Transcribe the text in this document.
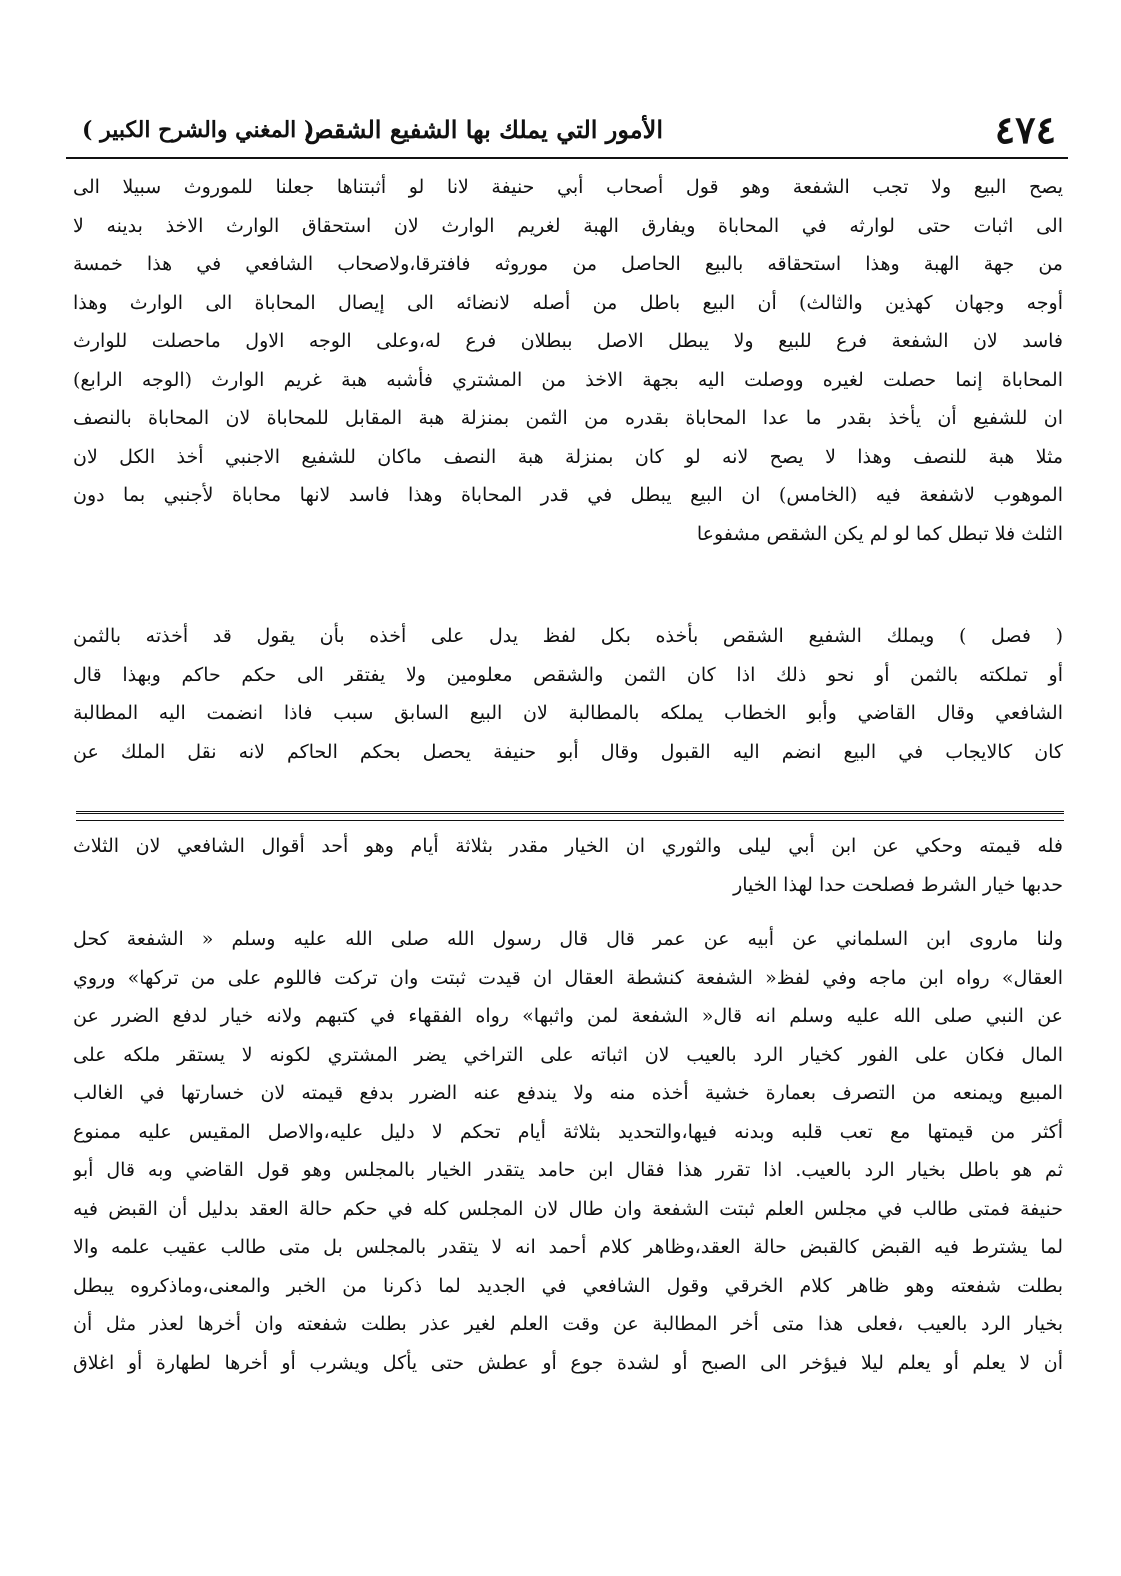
٤٧٤
الأمور التي يملك بها الشفيع الشقص
( المغني والشرح الكبير )
يصح البيع ولا تجب الشفعة وهو قول أصحاب أبي حنيفة لانا لو أثبتناها جعلنا للموروث سبيلا الى
الى اثبات حتى لوارثه في المحاباة ويفارق الهبة لغريم الوارث لان استحقاق الوارث الاخذ بدينه لا
من جهة الهبة وهذا استحقاقه بالبيع الحاصل من موروثه فافترقا،ولاصحاب الشافعي في هذا خمسة
أوجه وجهان كهذين والثالث) أن البيع باطل من أصله لانضائه الى إيصال المحاباة الى الوارث وهذا
فاسد لان الشفعة فرع للبيع ولا يبطل الاصل ببطلان فرع له،وعلى الوجه الاول ماحصلت للوارث
المحاباة إنما حصلت لغيره ووصلت اليه بجهة الاخذ من المشتري فأشبه هبة غريم الوارث (الوجه الرابع)
ان للشفيع أن يأخذ بقدر ما عدا المحاباة بقدره من الثمن بمنزلة هبة المقابل للمحاباة لان المحاباة بالنصف
مثلا هبة للنصف وهذا لا يصح لانه لو كان بمنزلة هبة النصف ماكان للشفيع الاجنبي أخذ الكل لان
الموهوب لاشفعة فيه (الخامس) ان البيع يبطل في قدر المحاباة وهذا فاسد لانها محاباة لأجنبي بما دون
الثلث فلا تبطل كما لو لم يكن الشقص مشفوعا
( فصل ) ويملك الشفيع الشقص بأخذه بكل لفظ يدل على أخذه بأن يقول قد أخذته بالثمن
أو تملكته بالثمن أو نحو ذلك اذا كان الثمن والشقص معلومين ولا يفتقر الى حكم حاكم وبهذا قال
الشافعي وقال القاضي وأبو الخطاب يملكه بالمطالبة لان البيع السابق سبب فاذا انضمت اليه المطالبة
كان كالايجاب في البيع انضم اليه القبول وقال أبو حنيفة يحصل بحكم الحاكم لانه نقل الملك عن
فله قيمته وحكي عن ابن أبي ليلى والثوري ان الخيار مقدر بثلاثة أيام وهو أحد أقوال الشافعي لان الثلاث
حدبها خيار الشرط فصلحت حدا لهذا الخيار
ولنا ماروى ابن السلماني عن أبيه عن عمر قال قال رسول الله صلى الله عليه وسلم « الشفعة كحل
العقال» رواه ابن ماجه وفي لفظ« الشفعة كنشطة العقال ان قيدت ثبتت وان تركت فاللوم على من تركها» وروي
عن النبي صلى الله عليه وسلم انه قال« الشفعة لمن واثبها» رواه الفقهاء في كتبهم ولانه خيار لدفع الضرر عن
المال فكان على الفور كخيار الرد بالعيب لان اثباته على التراخي يضر المشتري لكونه لا يستقر ملكه على
المبيع ويمنعه من التصرف بعمارة خشية أخذه منه ولا يندفع عنه الضرر بدفع قيمته لان خسارتها في الغالب
أكثر من قيمتها مع تعب قلبه وبدنه فيها،والتحديد بثلاثة أيام تحكم لا دليل عليه،والاصل المقيس عليه ممنوع
ثم هو باطل بخيار الرد بالعيب. اذا تقرر هذا فقال ابن حامد يتقدر الخيار بالمجلس وهو قول القاضي وبه قال أبو
حنيفة فمتى طالب في مجلس العلم ثبتت الشفعة وان طال لان المجلس كله في حكم حالة العقد بدليل أن القبض فيه
لما يشترط فيه القبض كالقبض حالة العقد،وظاهر كلام أحمد انه لا يتقدر بالمجلس بل متى طالب عقيب علمه والا
بطلت شفعته وهو ظاهر كلام الخرقي وقول الشافعي في الجديد لما ذكرنا من الخبر والمعنى،وماذكروه يبطل
بخيار الرد بالعيب ،فعلى هذا متى أخر المطالبة عن وقت العلم لغير عذر بطلت شفعته وان أخرها لعذر مثل أن
أن لا يعلم أو يعلم ليلا فيؤخر الى الصبح أو لشدة جوع أو عطش حتى يأكل ويشرب أو أخرها لطهارة أو اغلاق
